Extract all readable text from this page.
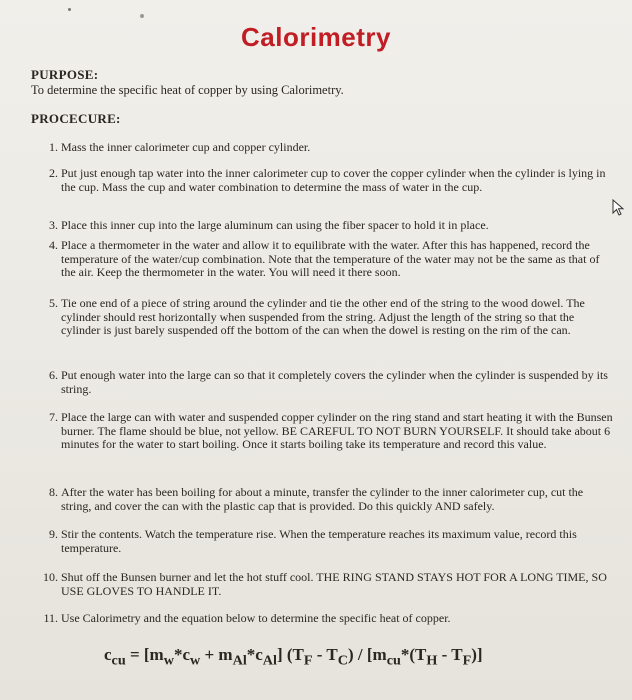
Calorimetry
PURPOSE:
To determine the specific heat of copper by using Calorimetry.
PROCECURE:
1. Mass the inner calorimeter cup and copper cylinder.
2. Put just enough tap water into the inner calorimeter cup to cover the copper cylinder when the cylinder is lying in the cup. Mass the cup and water combination to determine the mass of water in the cup.
3. Place this inner cup into the large aluminum can using the fiber spacer to hold it in place.
4. Place a thermometer in the water and allow it to equilibrate with the water. After this has happened, record the temperature of the water/cup combination. Note that the temperature of the water may not be the same as that of the air. Keep the thermometer in the water. You will need it there soon.
5. Tie one end of a piece of string around the cylinder and tie the other end of the string to the wood dowel. The cylinder should rest horizontally when suspended from the string. Adjust the length of the string so that the cylinder is just barely suspended off the bottom of the can when the dowel is resting on the rim of the can.
6. Put enough water into the large can so that it completely covers the cylinder when the cylinder is suspended by its string.
7. Place the large can with water and suspended copper cylinder on the ring stand and start heating it with the Bunsen burner. The flame should be blue, not yellow. BE CAREFUL TO NOT BURN YOURSELF. It should take about 6 minutes for the water to start boiling. Once it starts boiling take its temperature and record this value.
8. After the water has been boiling for about a minute, transfer the cylinder to the inner calorimeter cup, cut the string, and cover the can with the plastic cap that is provided. Do this quickly AND safely.
9. Stir the contents. Watch the temperature rise. When the temperature reaches its maximum value, record this temperature.
10. Shut off the Bunsen burner and let the hot stuff cool. THE RING STAND STAYS HOT FOR A LONG TIME, SO USE GLOVES TO HANDLE IT.
11. Use Calorimetry and the equation below to determine the specific heat of copper.
$c_{cu} = [m_w*c_w + m_{Al}*c_{Al}]$ $(T_F - T_C) / [m_{cu}*(T_H - T_F)]$
